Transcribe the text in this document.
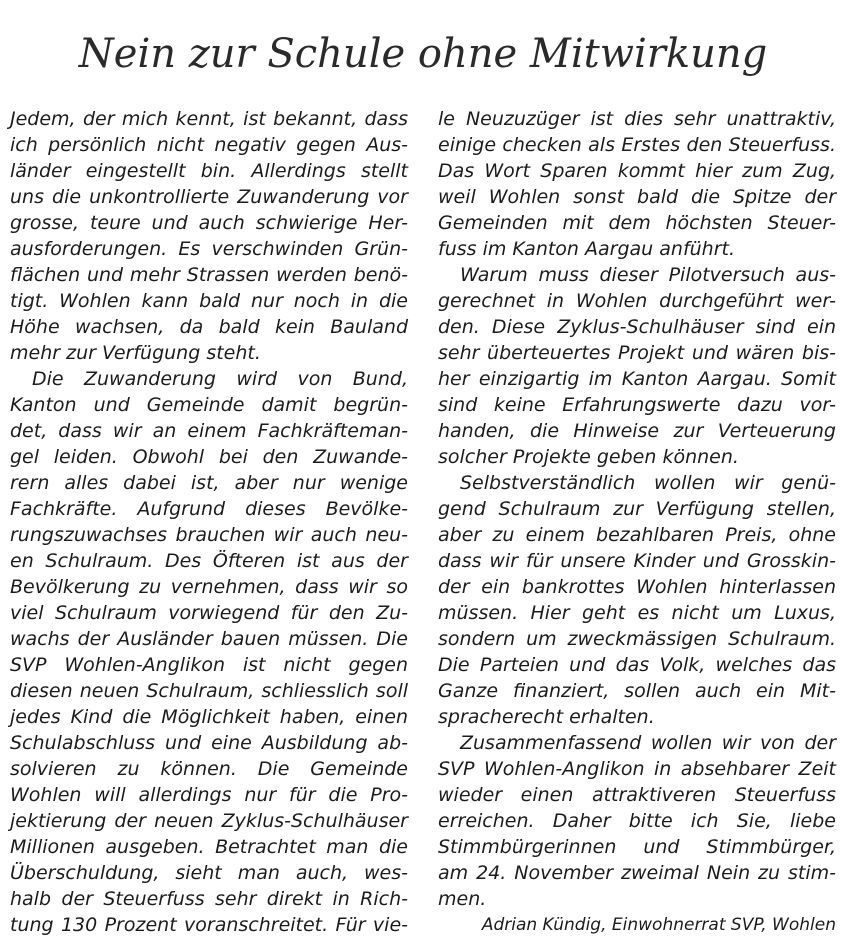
Nein zur Schule ohne Mitwirkung
Jedem, der mich kennt, ist bekannt, dass
ich persönlich nicht negativ gegen Aus-
länder eingestellt bin. Allerdings stellt
uns die unkontrollierte Zuwanderung vor
grosse, teure und auch schwierige Her-
ausforderungen. Es verschwinden Grün-
flächen und mehr Strassen werden benö-
tigt. Wohlen kann bald nur noch in die
Höhe wachsen, da bald kein Bauland
mehr zur Verfügung steht.
Die Zuwanderung wird von Bund,
Kanton und Gemeinde damit begrün-
det, dass wir an einem Fachkräfteman-
gel leiden. Obwohl bei den Zuwande-
rern alles dabei ist, aber nur wenige
Fachkräfte. Aufgrund dieses Bevölke-
rungszuwachses brauchen wir auch neu-
en Schulraum. Des Öfteren ist aus der
Bevölkerung zu vernehmen, dass wir so
viel Schulraum vorwiegend für den Zu-
wachs der Ausländer bauen müssen. Die
SVP Wohlen-Anglikon ist nicht gegen
diesen neuen Schulraum, schliesslich soll
jedes Kind die Möglichkeit haben, einen
Schulabschluss und eine Ausbildung ab-
solvieren zu können. Die Gemeinde
Wohlen will allerdings nur für die Pro-
jektierung der neuen Zyklus-Schulhäuser
Millionen ausgeben. Betrachtet man die
Überschuldung, sieht man auch, wes-
halb der Steuerfuss sehr direkt in Rich-
tung 130 Prozent voranschreitet. Für vie-
le Neuzuzüger ist dies sehr unattraktiv,
einige checken als Erstes den Steuerfuss.
Das Wort Sparen kommt hier zum Zug,
weil Wohlen sonst bald die Spitze der
Gemeinden mit dem höchsten Steuer-
fuss im Kanton Aargau anführt.
Warum muss dieser Pilotversuch aus-
gerechnet in Wohlen durchgeführt wer-
den. Diese Zyklus-Schulhäuser sind ein
sehr überteuertes Projekt und wären bis-
her einzigartig im Kanton Aargau. Somit
sind keine Erfahrungswerte dazu vor-
handen, die Hinweise zur Verteuerung
solcher Projekte geben können.
Selbstverständlich wollen wir genü-
gend Schulraum zur Verfügung stellen,
aber zu einem bezahlbaren Preis, ohne
dass wir für unsere Kinder und Grosskin-
der ein bankrottes Wohlen hinterlassen
müssen. Hier geht es nicht um Luxus,
sondern um zweckmässigen Schulraum.
Die Parteien und das Volk, welches das
Ganze finanziert, sollen auch ein Mit-
spracherecht erhalten.
Zusammenfassend wollen wir von der
SVP Wohlen-Anglikon in absehbarer Zeit
wieder einen attraktiveren Steuerfuss
erreichen. Daher bitte ich Sie, liebe
Stimmbürgerinnen und Stimmbürger,
am 24. November zweimal Nein zu stim-
men.
Adrian Kündig, Einwohnerrat SVP, Wohlen
